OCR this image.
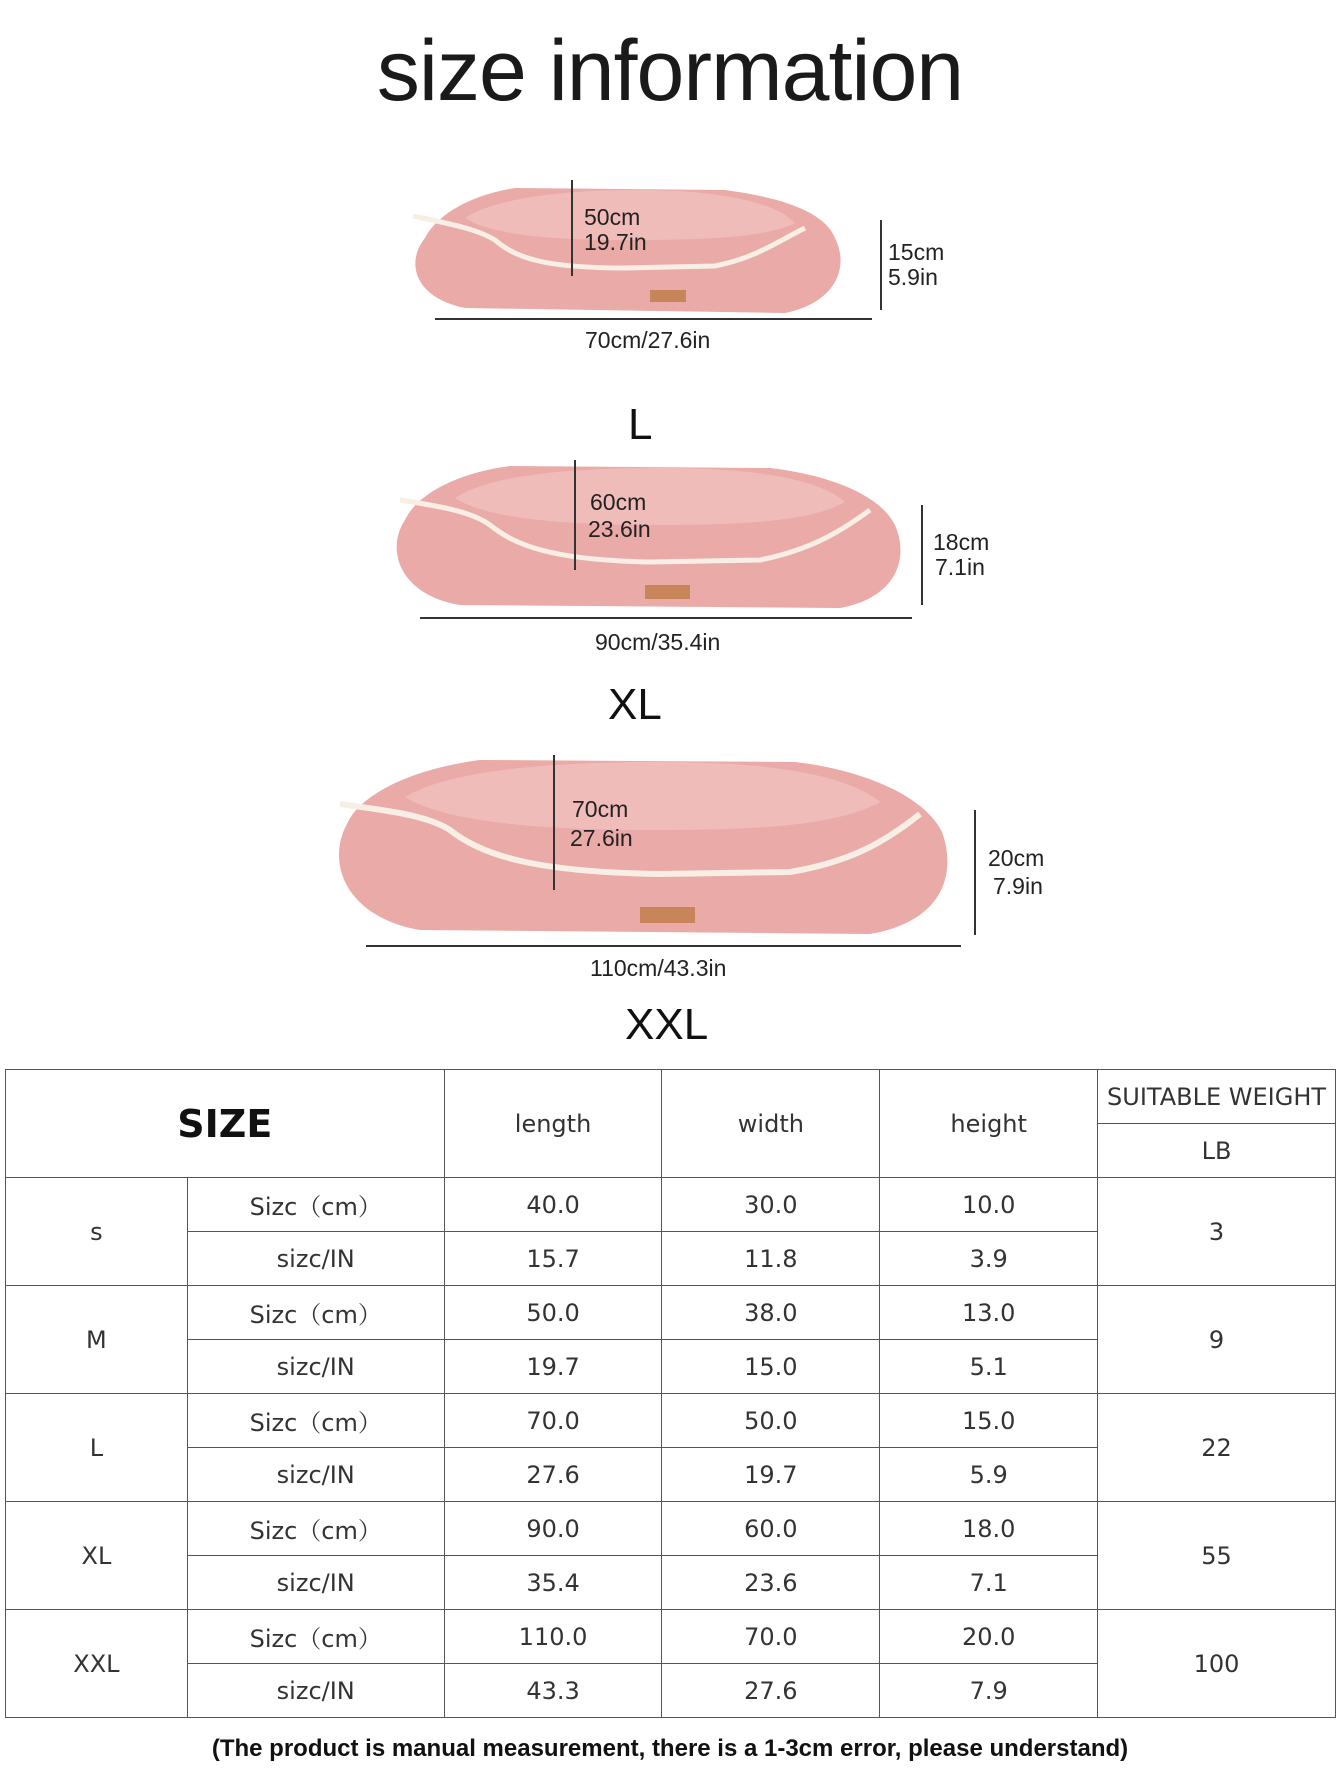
size information
50cm
19.7in	15cm
5.9in
70cm/27.6in
L
60cm
23.6in	18cm
7.1in
90cm/35.4in
XL
70cm
27.6in
20cm
7.9in
110cm/43.3in
XXL
SIZE		length	width	height	SUITABLE WEIGHT
					LB
s	Sizc（cm）	40.0	30.0	10.0	3
	sizc/IN	15.7	11.8	3.9	
M	Sizc（cm）	50.0	38.0	13.0	9
	sizc/IN	19.7	15.0	5.1	
L	Sizc（cm）	70.0	50.0	15.0	22
	sizc/IN	27.6	19.7	5.9	
XL	Sizc（cm）	90.0	60.0	18.0	55
	sizc/IN	35.4	23.6	7.1	
XXL	Sizc（cm）	110.0	70.0	20.0	100
	sizc/IN	43.3	27.6	7.9	
(The product is manual measurement, there is a 1-3cm error, please understand)
